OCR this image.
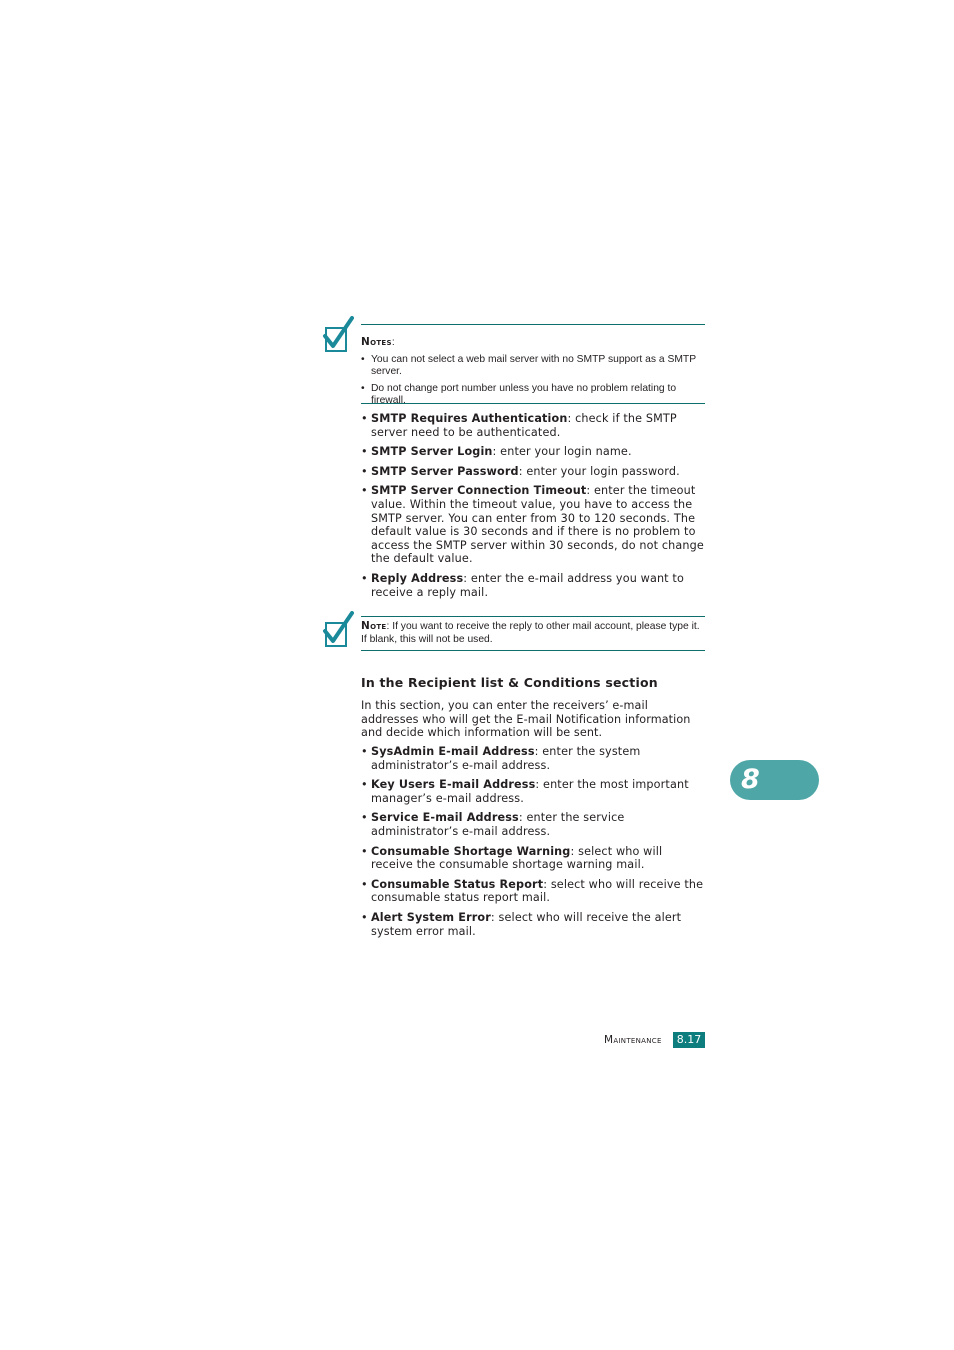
Notes:
• You can not select a web mail server with no SMTP support as a SMTP server.
• Do not change port number unless you have no problem relating to firewall.
• SMTP Requires Authentication: check if the SMTP server need to be authenticated.
• SMTP Server Login: enter your login name.
• SMTP Server Password: enter your login password.
• SMTP Server Connection Timeout: enter the timeout value. Within the timeout value, you have to access the SMTP server. You can enter from 30 to 120 seconds. The default value is 30 seconds and if there is no problem to access the SMTP server within 30 seconds, do not change the default value.
• Reply Address: enter the e-mail address you want to receive a reply mail.
Note: If you want to receive the reply to other mail account, please type it. If blank, this will not be used.
In the Recipient list & Conditions section

In this section, you can enter the receivers’ e-mail addresses who will get the E-mail Notification information and decide which information will be sent.

• SysAdmin E-mail Address: enter the system administrator’s e-mail address.
• Key Users E-mail Address: enter the most important manager’s e-mail address.
• Service E-mail Address: enter the service administrator’s e-mail address.
• Consumable Shortage Warning: select who will receive the consumable shortage warning mail.
• Consumable Status Report: select who will receive the consumable status report mail.
• Alert System Error: select who will receive the alert system error mail.
8
Maintenance	8.17
